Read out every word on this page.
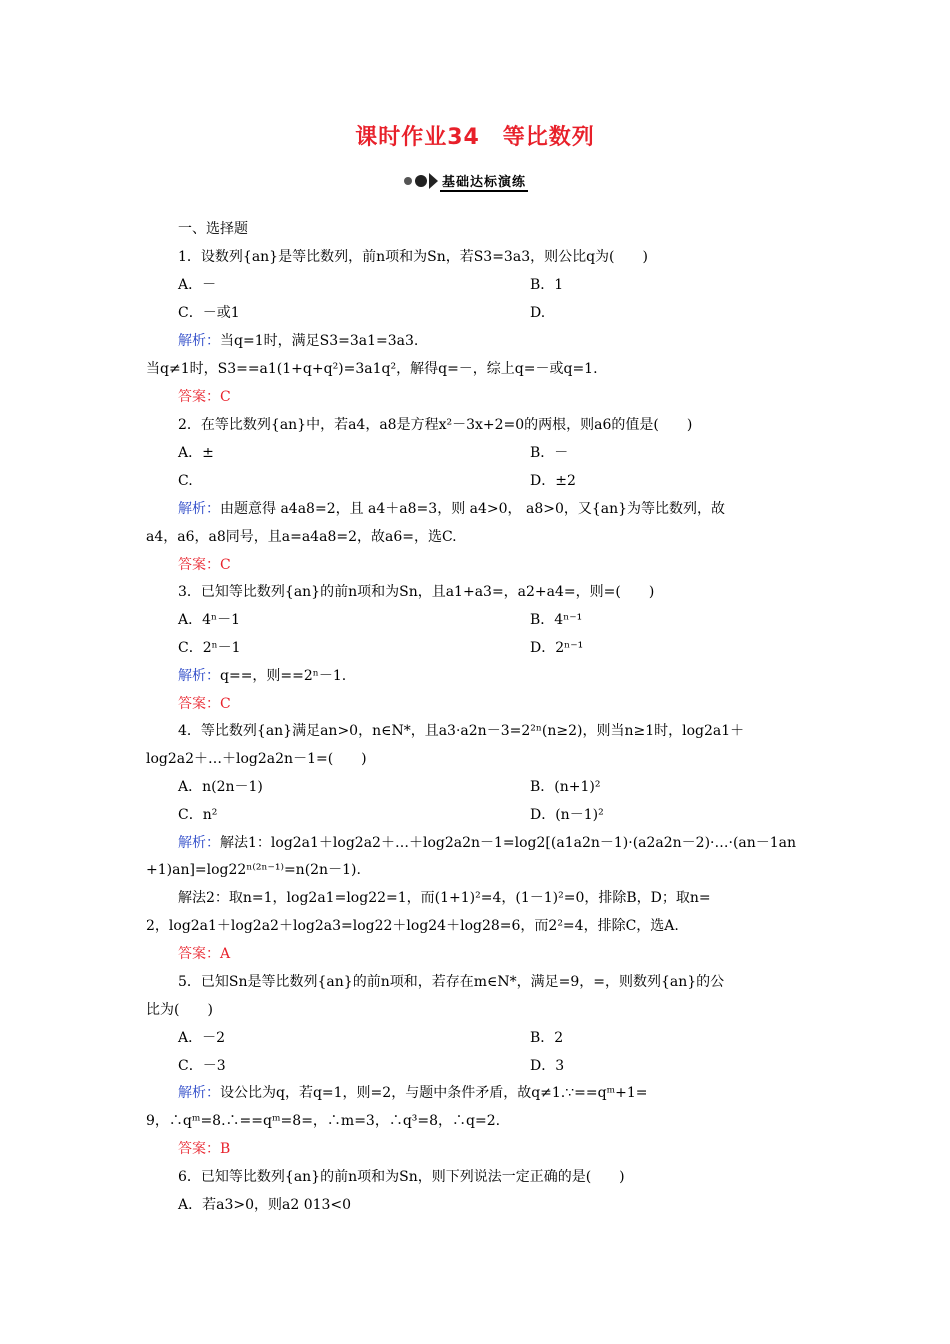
课时作业34　等比数列
基础达标演练
一、选择题
1．设数列{an}是等比数列，前n项和为Sn，若S3=3a3，则公比q为(　　)
A．－	B．1
C．－或1	D.
解析：当q=1时，满足S3=3a1=3a3.
当q≠1时，S3==a1(1+q+q²)=3a1q²，解得q=－，综上q=－或q=1.
答案：C
2．在等比数列{an}中，若a4，a8是方程x²－3x+2=0的两根，则a6的值是(　　)
A．±	B．－
C.	D．±2
解析：由题意得 a4a8=2，且 a4＋a8=3，则 a4>0， a8>0，又{an}为等比数列，故
a4，a6，a8同号，且a=a4a8=2，故a6=，选C.
答案：C
3．已知等比数列{an}的前n项和为Sn，且a1+a3=，a2+a4=，则=(　　)
A．4ⁿ－1	B．4ⁿ⁻¹
C．2ⁿ－1	D．2ⁿ⁻¹
解析：q==，则==2ⁿ－1.
答案：C
4．等比数列{an}满足an>0，n∈N*，且a3·a2n－3=2²ⁿ(n≥2)，则当n≥1时，log2a1＋
log2a2＋…＋log2a2n－1=(　　)
A．n(2n－1)	B．(n+1)²
C．n²	D．(n－1)²
解析：解法1：log2a1＋log2a2＋…＋log2a2n－1=log2[(a1a2n－1)·(a2a2n－2)·…·(an－1an
+1)an]=log22ⁿ⁽²ⁿ⁻¹⁾=n(2n－1).
解法2：取n=1，log2a1=log22=1，而(1+1)²=4，(1－1)²=0，排除B，D；取n=
2，log2a1＋log2a2＋log2a3=log22＋log24＋log28=6，而2²=4，排除C，选A.
答案：A
5．已知Sn是等比数列{an}的前n项和，若存在m∈N*，满足=9，=，则数列{an}的公
比为(　　)
A．－2	B．2
C．－3	D．3
解析：设公比为q，若q=1，则=2，与题中条件矛盾，故q≠1.∵==qᵐ+1=
9，∴qᵐ=8.∴==qᵐ=8=，∴m=3，∴q³=8，∴q=2.
答案：B
6．已知等比数列{an}的前n项和为Sn，则下列说法一定正确的是(　　)
A．若a3>0，则a2 013<0
